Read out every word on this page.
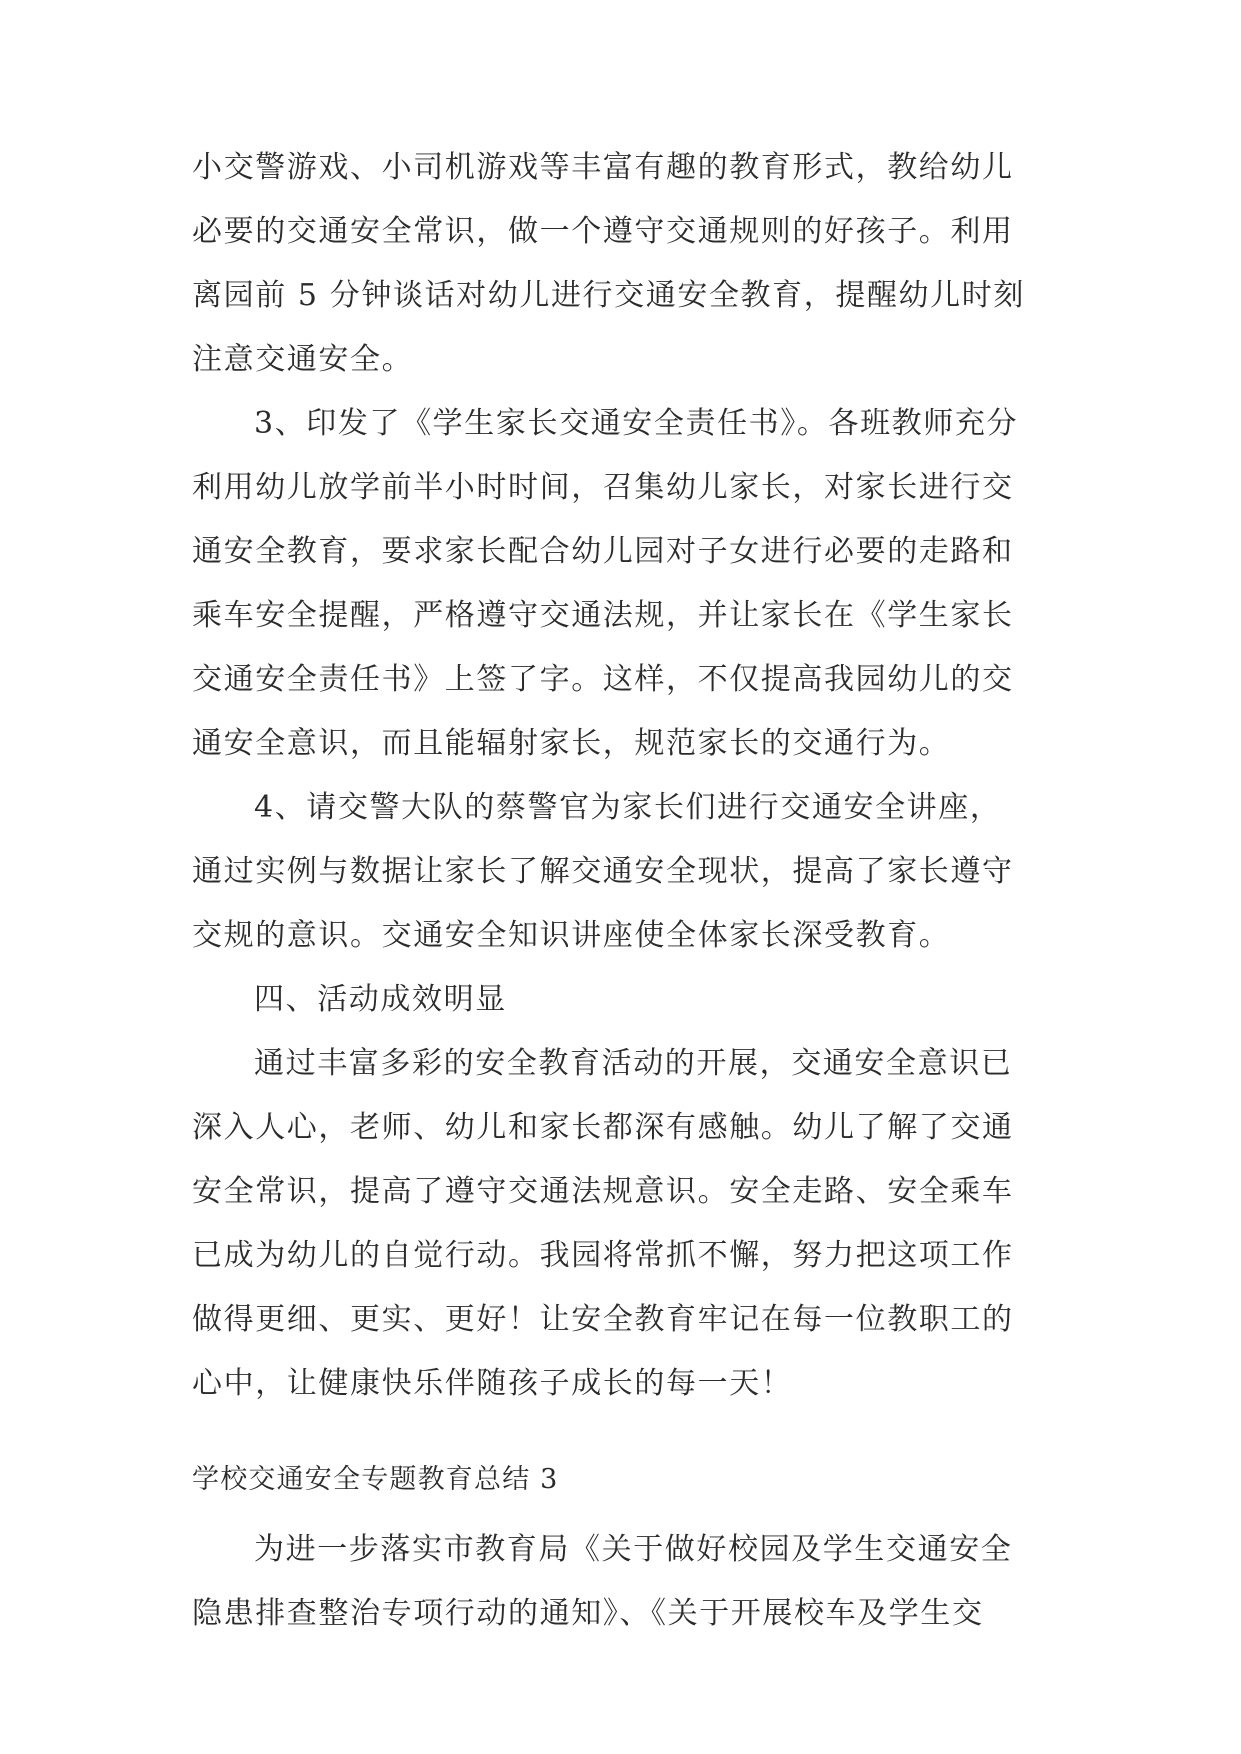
小交警游戏、小司机游戏等丰富有趣的教育形式，教给幼儿
必要的交通安全常识，做一个遵守交通规则的好孩子。利用
离园前 5 分钟谈话对幼儿进行交通安全教育，提醒幼儿时刻
注意交通安全。
3、印发了《学生家长交通安全责任书》。各班教师充分
利用幼儿放学前半小时时间，召集幼儿家长，对家长进行交
通安全教育，要求家长配合幼儿园对子女进行必要的走路和
乘车安全提醒，严格遵守交通法规，并让家长在《学生家长
交通安全责任书》上签了字。这样，不仅提高我园幼儿的交
通安全意识，而且能辐射家长，规范家长的交通行为。
4、请交警大队的蔡警官为家长们进行交通安全讲座，
通过实例与数据让家长了解交通安全现状，提高了家长遵守
交规的意识。交通安全知识讲座使全体家长深受教育。
四、活动成效明显
通过丰富多彩的安全教育活动的开展，交通安全意识已
深入人心，老师、幼儿和家长都深有感触。幼儿了解了交通
安全常识，提高了遵守交通法规意识。安全走路、安全乘车
已成为幼儿的自觉行动。我园将常抓不懈，努力把这项工作
做得更细、更实、更好！让安全教育牢记在每一位教职工的
心中，让健康快乐伴随孩子成长的每一天！
学校交通安全专题教育总结 3
为进一步落实市教育局《关于做好校园及学生交通安全
隐患排查整治专项行动的通知》、《关于开展校车及学生交
